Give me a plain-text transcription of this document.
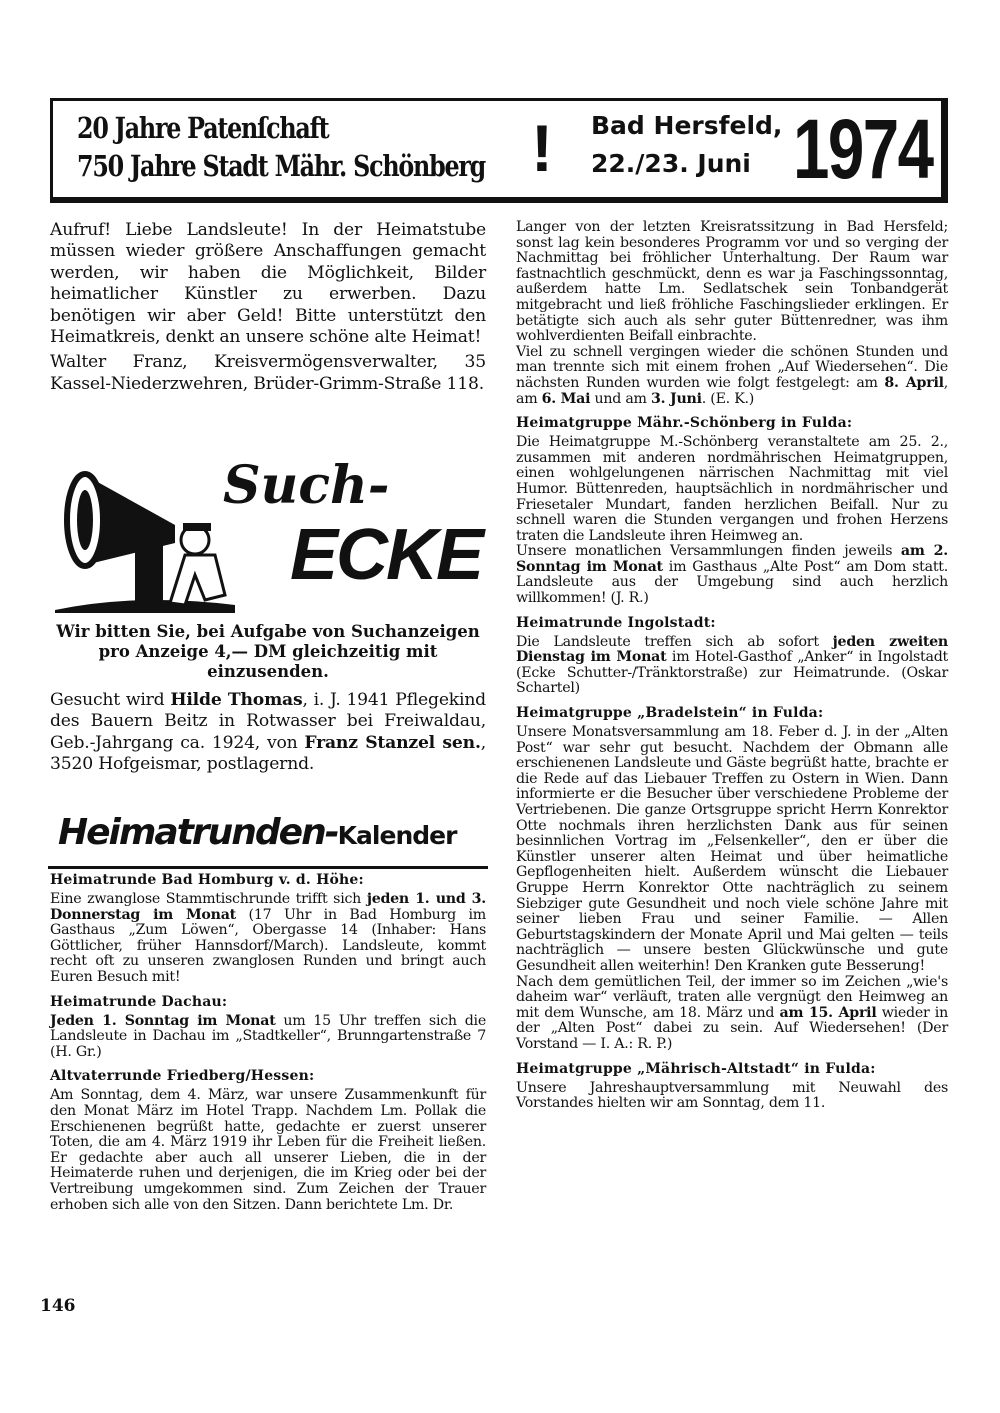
20 Jahre Patenſchaft
750 Jahre Stadt Mähr. Schönberg ! Bad Hersfeld,
22./23. Juni 1974

Aufruf! Liebe Landsleute! In der Heimatstube müssen wieder größere Anschaffungen gemacht werden, wir haben die Möglichkeit, Bilder heimatlicher Künstler zu erwerben. Dazu benötigen wir aber Geld! Bitte unterstützt den Heimatkreis, denkt an unsere schöne alte Heimat!

Walter Franz, Kreisvermögensverwalter, 35 Kassel-Niederzwehren, Brüder-Grimm-Straße 118.

Such-
ECKE
Wir bitten Sie, bei Aufgabe von Suchanzeigen pro Anzeige 4,— DM gleichzeitig mit einzusenden.

Gesucht wird Hilde Thomas, i. J. 1941 Pflegekind des Bauern Beitz in Rotwasser bei Freiwaldau, Geb.-Jahrgang ca. 1924, von Franz Stanzel sen., 3520 Hofgeismar, postlagernd.

Heimatrunden-Kalender
Heimatrunde Bad Homburg v. d. Höhe:

Eine zwanglose Stammtischrunde trifft sich jeden 1. und 3. Donnerstag im Monat (17 Uhr in Bad Homburg im Gasthaus „Zum Löwen“, Obergasse 14 (Inhaber: Hans Göttlicher, früher Hannsdorf/March). Landsleute, kommt recht oft zu unseren zwanglosen Runden und bringt auch Euren Besuch mit!

Heimatrunde Dachau:

Jeden 1. Sonntag im Monat um 15 Uhr treffen sich die Landsleute in Dachau im „Stadtkeller“, Brunngartenstraße 7 (H. Gr.)

Altvaterrunde Friedberg/Hessen:

Am Sonntag, dem 4. März, war unsere Zusammenkunft für den Monat März im Hotel Trapp. Nachdem Lm. Pollak die Erschienenen begrüßt hatte, gedachte er zuerst unserer Toten, die am 4. März 1919 ihr Leben für die Freiheit ließen. Er gedachte aber auch all unserer Lieben, die in der Heimaterde ruhen und derjenigen, die im Krieg oder bei der Vertreibung umgekommen sind. Zum Zeichen der Trauer erhoben sich alle von den Sitzen. Dann berichtete Lm. Dr.

Langer von der letzten Kreisratssitzung in Bad Hersfeld; sonst lag kein besonderes Programm vor und so verging der Nachmittag bei fröhlicher Unterhaltung. Der Raum war fastnachtlich geschmückt, denn es war ja Faschingssonntag, außerdem hatte Lm. Sedlatschek sein Tonbandgerät mitgebracht und ließ fröhliche Faschingslieder erklingen. Er betätigte sich auch als sehr guter Büttenredner, was ihm wohlverdienten Beifall einbrachte.

Viel zu schnell vergingen wieder die schönen Stunden und man trennte sich mit einem frohen „Auf Wiedersehen“. Die nächsten Runden wurden wie folgt festgelegt: am 8. April, am 6. Mai und am 3. Juni. (E. K.)

Heimatgruppe Mähr.-Schönberg in Fulda:

Die Heimatgruppe M.-Schönberg veranstaltete am 25. 2., zusammen mit anderen nordmährischen Heimatgruppen, einen wohlgelungenen närrischen Nachmittag mit viel Humor. Büttenreden, hauptsächlich in nordmährischer und Friesetaler Mundart, fanden herzlichen Beifall. Nur zu schnell waren die Stunden vergangen und frohen Herzens traten die Landsleute ihren Heimweg an.

Unsere monatlichen Versammlungen finden jeweils am 2. Sonntag im Monat im Gasthaus „Alte Post“ am Dom statt. Landsleute aus der Umgebung sind auch herzlich willkommen! (J. R.)

Heimatrunde Ingolstadt:

Die Landsleute treffen sich ab sofort jeden zweiten Dienstag im Monat im Hotel-Gasthof „Anker“ in Ingolstadt (Ecke Schutter-/Tränktorstraße) zur Heimatrunde. (Oskar Schartel)

Heimatgruppe „Bradelstein“ in Fulda:

Unsere Monatsversammlung am 18. Feber d. J. in der „Alten Post“ war sehr gut besucht. Nachdem der Obmann alle erschienenen Landsleute und Gäste begrüßt hatte, brachte er die Rede auf das Liebauer Treffen zu Ostern in Wien. Dann informierte er die Besucher über verschiedene Probleme der Vertriebenen. Die ganze Ortsgruppe spricht Herrn Konrektor Otte nochmals ihren herzlichsten Dank aus für seinen besinnlichen Vortrag im „Felsenkeller“, den er über die Künstler unserer alten Heimat und über heimatliche Gepflogenheiten hielt. Außerdem wünscht die Liebauer Gruppe Herrn Konrektor Otte nachträglich zu seinem Siebziger gute Gesundheit und noch viele schöne Jahre mit seiner lieben Frau und seiner Familie. — Allen Geburtstagskindern der Monate April und Mai gelten — teils nachträglich — unsere besten Glückwünsche und gute Gesundheit allen weiterhin! Den Kranken gute Besserung!

Nach dem gemütlichen Teil, der immer so im Zeichen „wie's daheim war“ verläuft, traten alle vergnügt den Heimweg an mit dem Wunsche, am 18. März und am 15. April wieder in der „Alten Post“ dabei zu sein. Auf Wiedersehen! (Der Vorstand — I. A.: R. P.)

Heimatgruppe „Mährisch-Altstadt“ in Fulda:

Unsere Jahreshauptversammlung mit Neuwahl des Vorstandes hielten wir am Sonntag, dem 11.

146
